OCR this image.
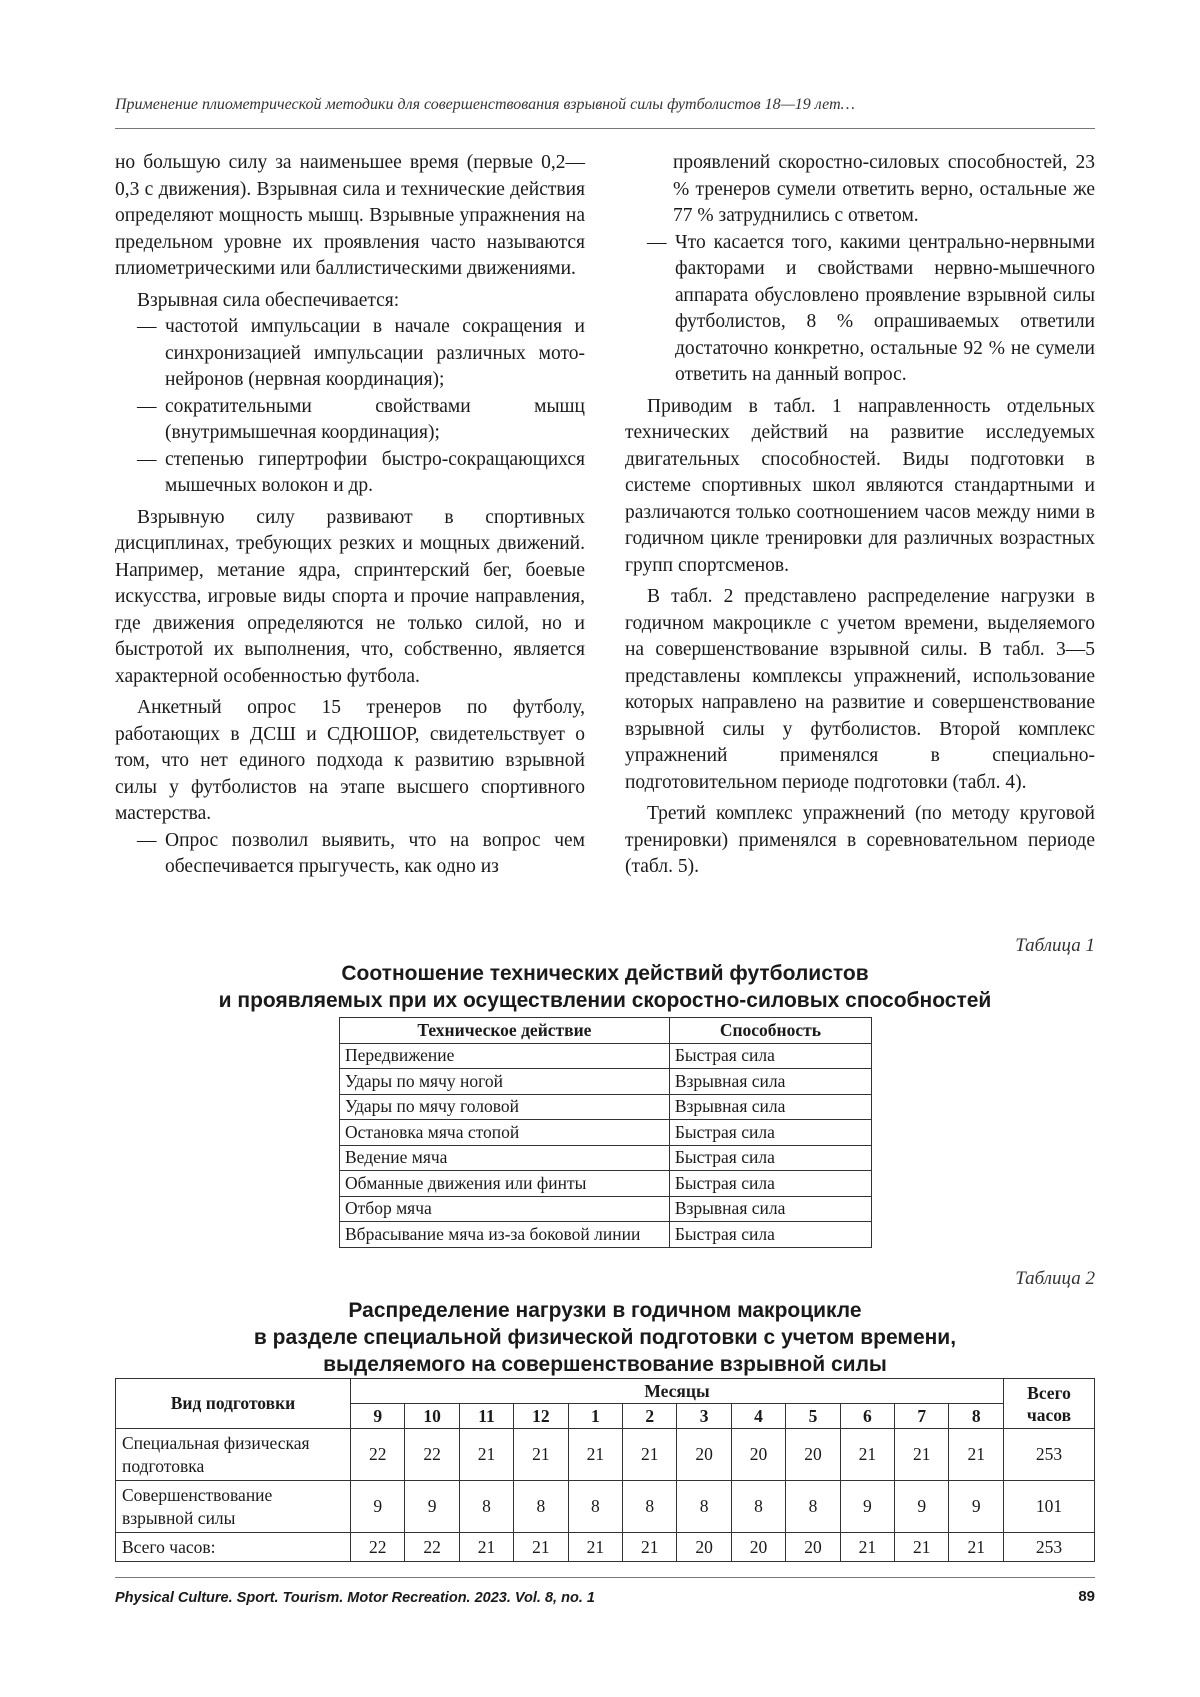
Применение плиометрической методики для совершенствования взрывной силы футболистов 18—19 лет…

но большую силу за наименьшее время (первые 0,2—0,3 с движения). Взрывная сила и технические действия определяют мощность мышц. Взрывные упражнения на предельном уровне их проявления часто называются плиометрическими или баллистическими движениями.

Взрывная сила обеспечивается:

— частотой импульсации в начале сокращения и синхронизацией импульсации различных мото-нейронов (нервная координация);
— сократительными свойствами мышц (внутримышечная координация);
— степенью гипертрофии быстро-сокращающихся мышечных волокон и др.

Взрывную силу развивают в спортивных дисциплинах, требующих резких и мощных движений. Например, метание ядра, спринтерский бег, боевые искусства, игровые виды спорта и прочие направления, где движения определяются не только силой, но и быстротой их выполнения, что, собственно, является характерной особенностью футбола.

Анкетный опрос 15 тренеров по футболу, работающих в ДСШ и СДЮШОР, свидетельствует о том, что нет единого подхода к развитию взрывной силы у футболистов на этапе высшего спортивного мастерства.

— Опрос позволил выявить, что на вопрос чем обеспечивается прыгучесть, как одно из

проявлений скоростно-силовых способностей, 23 % тренеров сумели ответить верно, остальные же 77 % затруднились с ответом.

— Что касается того, какими центрально-нервными факторами и свойствами нервно-мышечного аппарата обусловлено проявление взрывной силы футболистов, 8 % опрашиваемых ответили достаточно конкретно, остальные 92 % не сумели ответить на данный вопрос.

Приводим в табл. 1 направленность отдельных технических действий на развитие исследуемых двигательных способностей. Виды подготовки в системе спортивных школ являются стандартными и различаются только соотношением часов между ними в годичном цикле тренировки для различных возрастных групп спортсменов.

В табл. 2 представлено распределение нагрузки в годичном макроцикле с учетом времени, выделяемого на совершенствование взрывной силы. В табл. 3—5 представлены комплексы упражнений, использование которых направлено на развитие и совершенствование взрывной силы у футболистов. Второй комплекс упражнений применялся в специально-подготовительном периоде подготовки (табл. 4).

Третий комплекс упражнений (по методу круговой тренировки) применялся в соревновательном периоде (табл. 5).

Таблица 1
Соотношение технических действий футболистов
и проявляемых при их осуществлении скоростно-силовых способностей
Техническое действие	Способность
Передвижение	Быстрая сила
Удары по мячу ногой	Взрывная сила
Удары по мячу головой	Взрывная сила
Остановка мяча стопой	Быстрая сила
Ведение мяча	Быстрая сила
Обманные движения или финты	Быстрая сила
Отбор мяча	Взрывная сила
Вбрасывание мяча из-за боковой линии	Быстрая сила
Таблица 2
Распределение нагрузки в годичном макроцикле
в разделе специальной физической подготовки с учетом времени,
выделяемого на совершенствование взрывной силы
Вид подготовки	Месяцы												Всего часов
	9	10	11	12	1	2	3	4	5	6	7	8	
Специальная физическая подготовка	22	22	21	21	21	21	20	20	20	21	21	21	253
Совершенствование взрывной силы	9	9	8	8	8	8	8	8	8	9	9	9	101
Всего часов:	22	22	21	21	21	21	20	20	20	21	21	21	253
Physical Culture. Sport. Tourism. Motor Recreation. 2023. Vol. 8, no. 1	89
